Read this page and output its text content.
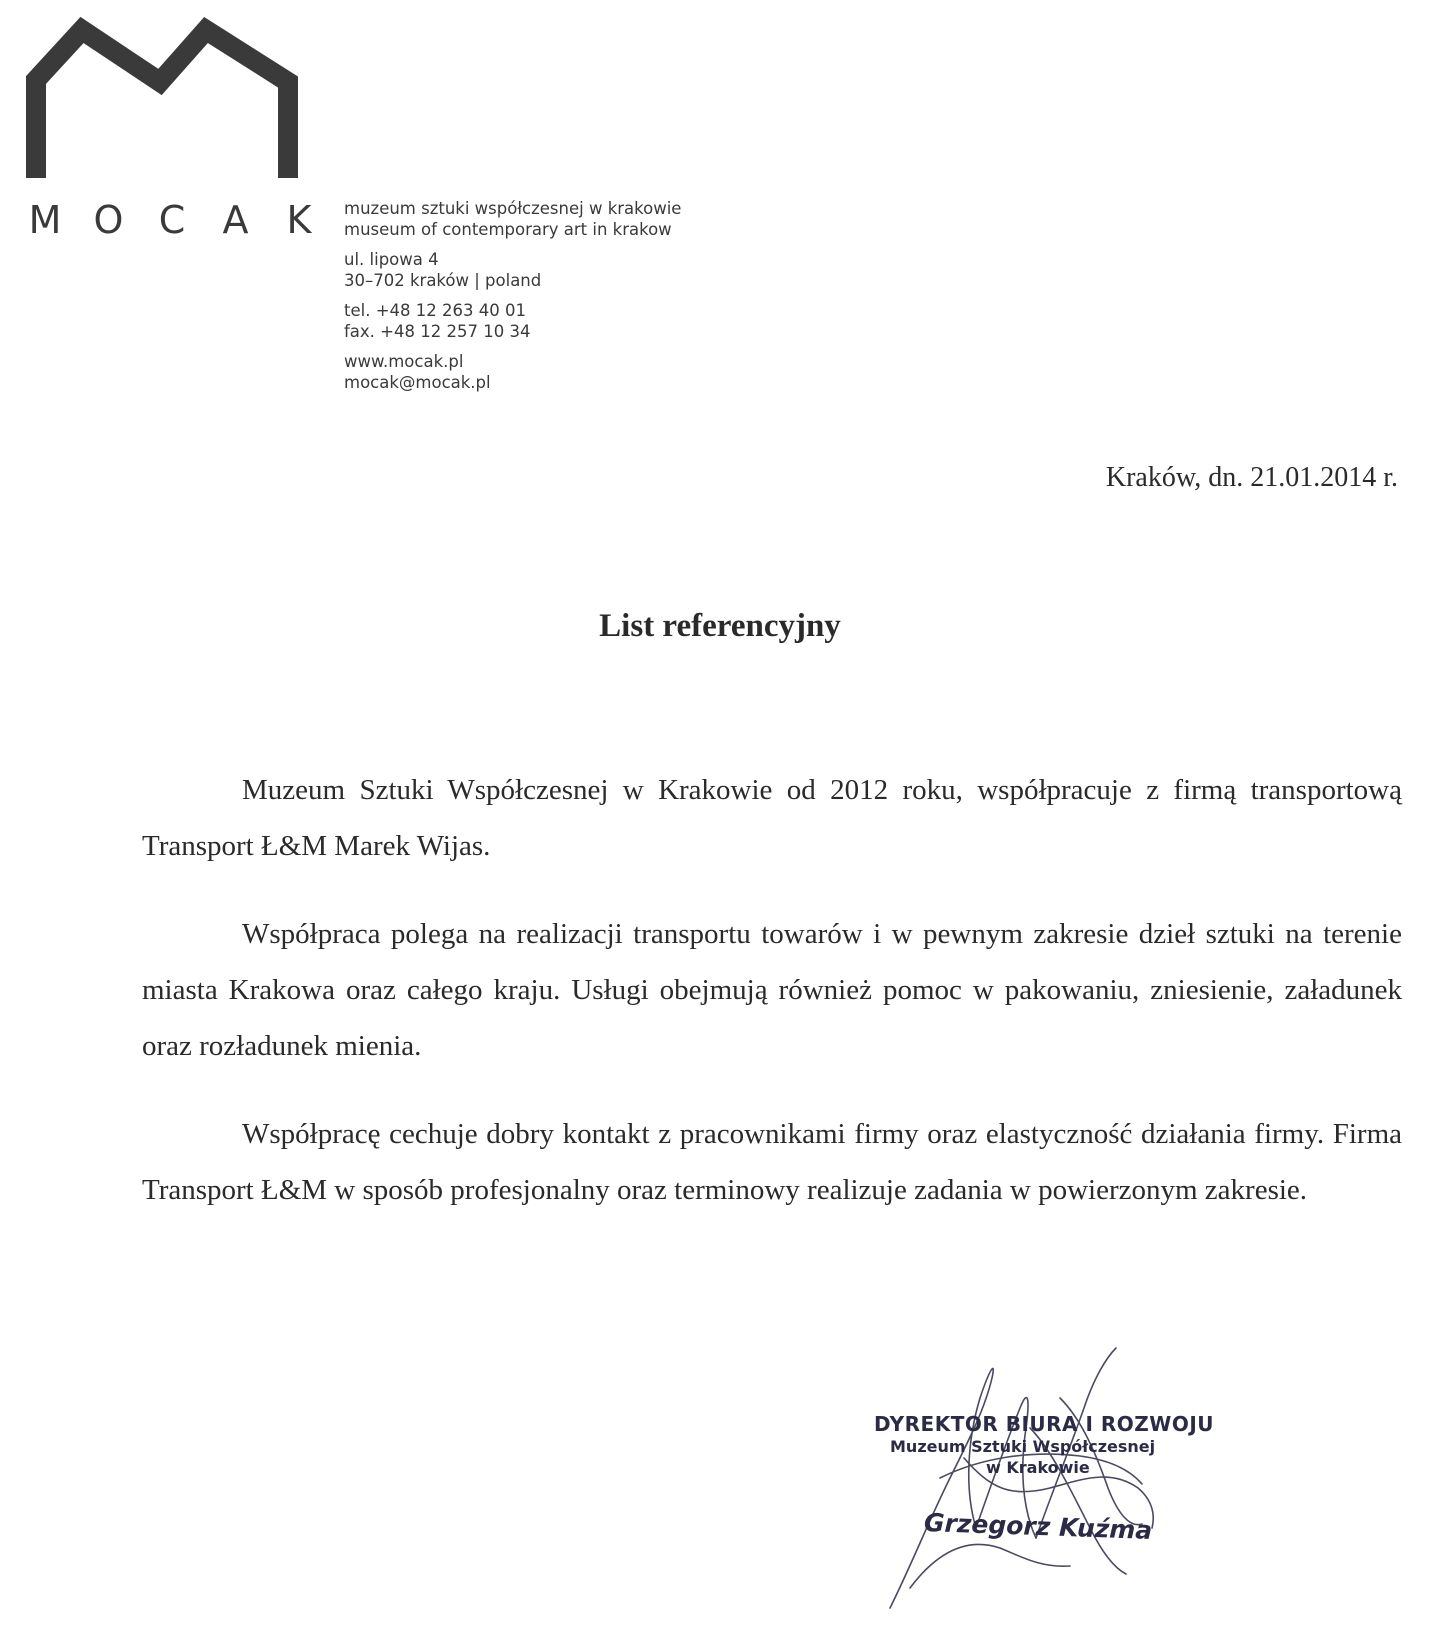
M O C A K	muzeum sztuki współczesnej w krakowie
museum of contemporary art in krakow
ul. lipowa 4
30–702 kraków | poland
tel. +48 12 263 40 01
fax. +48 12 257 10 34
www.mocak.pl
mocak@mocak.pl
Kraków, dn. 21.01.2014 r.
List referencyjny

Muzeum Sztuki Współczesnej w Krakowie od 2012 roku, współpracuje z firmą transportową Transport Ł&M Marek Wijas.

Współpraca polega na realizacji transportu towarów i w pewnym zakresie dzieł sztuki na terenie miasta Krakowa oraz całego kraju. Usługi obejmują również pomoc w pakowaniu, zniesienie, załadunek oraz rozładunek mienia.

Współpracę cechuje dobry kontakt z pracownikami firmy oraz elastyczność działania firmy. Firma Transport Ł&M w sposób profesjonalny oraz terminowy realizuje zadania w powierzonym zakresie.

DYREKTOR BIURA I ROZWOJU
Muzeum Sztuki Współczesnej
w Krakowie
Grzegorz Kuźma
